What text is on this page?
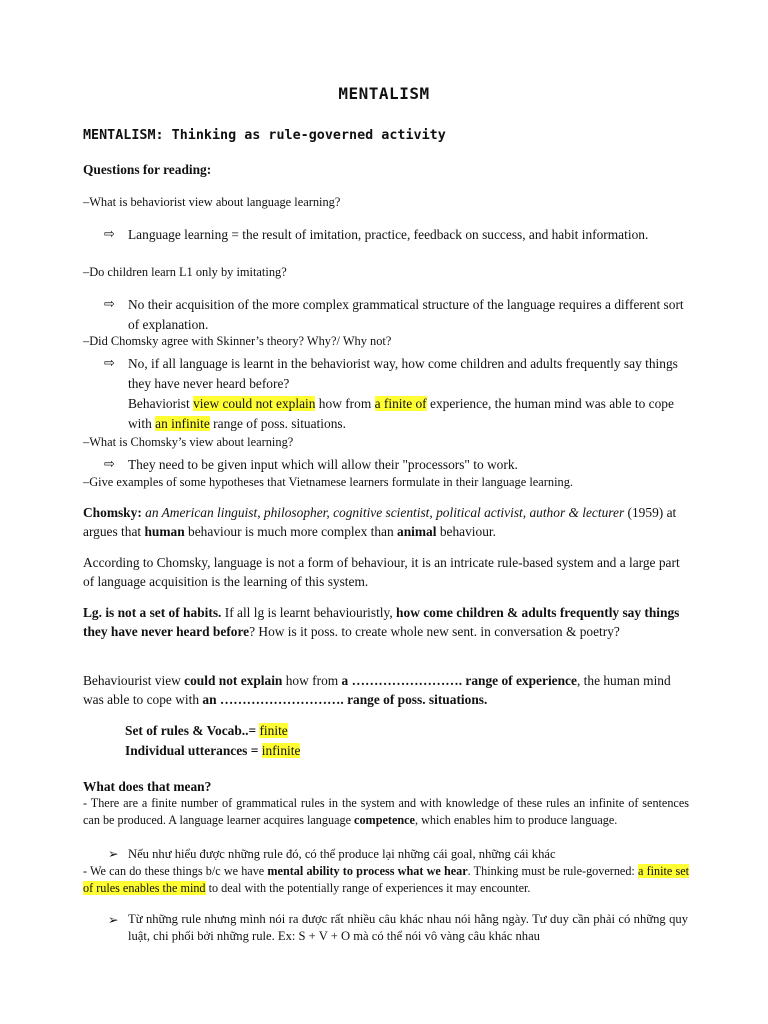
MENTALISM
MENTALISM: Thinking as rule-governed activity

Questions for reading:

–What is behaviorist view about language learning?

⇨ Language learning = the result of imitation, practice, feedback on success, and habit information.

–Do children learn L1 only by imitating?

⇨ No their acquisition of the more complex grammatical structure of the language requires a different sort of explanation.

–Did Chomsky agree with Skinner’s theory? Why?/ Why not?

⇨ No, if all language is learnt in the behaviorist way, how come children and adults frequently say things they have never heard before?

Behaviorist view could not explain how from a finite of experience, the human mind was able to cope with an infinite range of poss. situations.

–What is Chomsky’s view about learning?

⇨ They need to be given input which will allow their "processors" to work.

–Give examples of some hypotheses that Vietnamese learners formulate in their language learning.

Chomsky: an American linguist, philosopher, cognitive scientist, political activist, author & lecturer (1959) at argues that human behaviour is much more complex than animal behaviour.

According to Chomsky, language is not a form of behaviour, it is an intricate rule-based system and a large part of language acquisition is the learning of this system.

Lg. is not a set of habits. If all lg is learnt behaviouristly, how come children & adults frequently say things they have never heard before? How is it poss. to create whole new sent. in conversation & poetry?

Behaviourist view could not explain how from a ……………………. range of experience, the human mind was able to cope with an ………………………. range of poss. situations.

Set of rules & Vocab..= finite

Individual utterances = infinite

What does that mean?

- There are a finite number of grammatical rules in the system and with knowledge of these rules an infinite of sentences can be produced. A language learner acquires language competence, which enables him to produce language.

➢ Nếu như hiểu được những rule đó, có thể produce lại những cái goal, những cái khác

- We can do these things b/c we have mental ability to process what we hear. Thinking must be rule-governed: a finite set of rules enables the mind to deal with the potentially range of experiences it may encounter.

➢ Từ những rule nhưng mình nói ra được rất nhiều câu khác nhau nói hằng ngày. Tư duy cần phải có những quy luật, chi phối bởi những rule. Ex: S + V + O mà có thể nói vô vàng câu khác nhau
